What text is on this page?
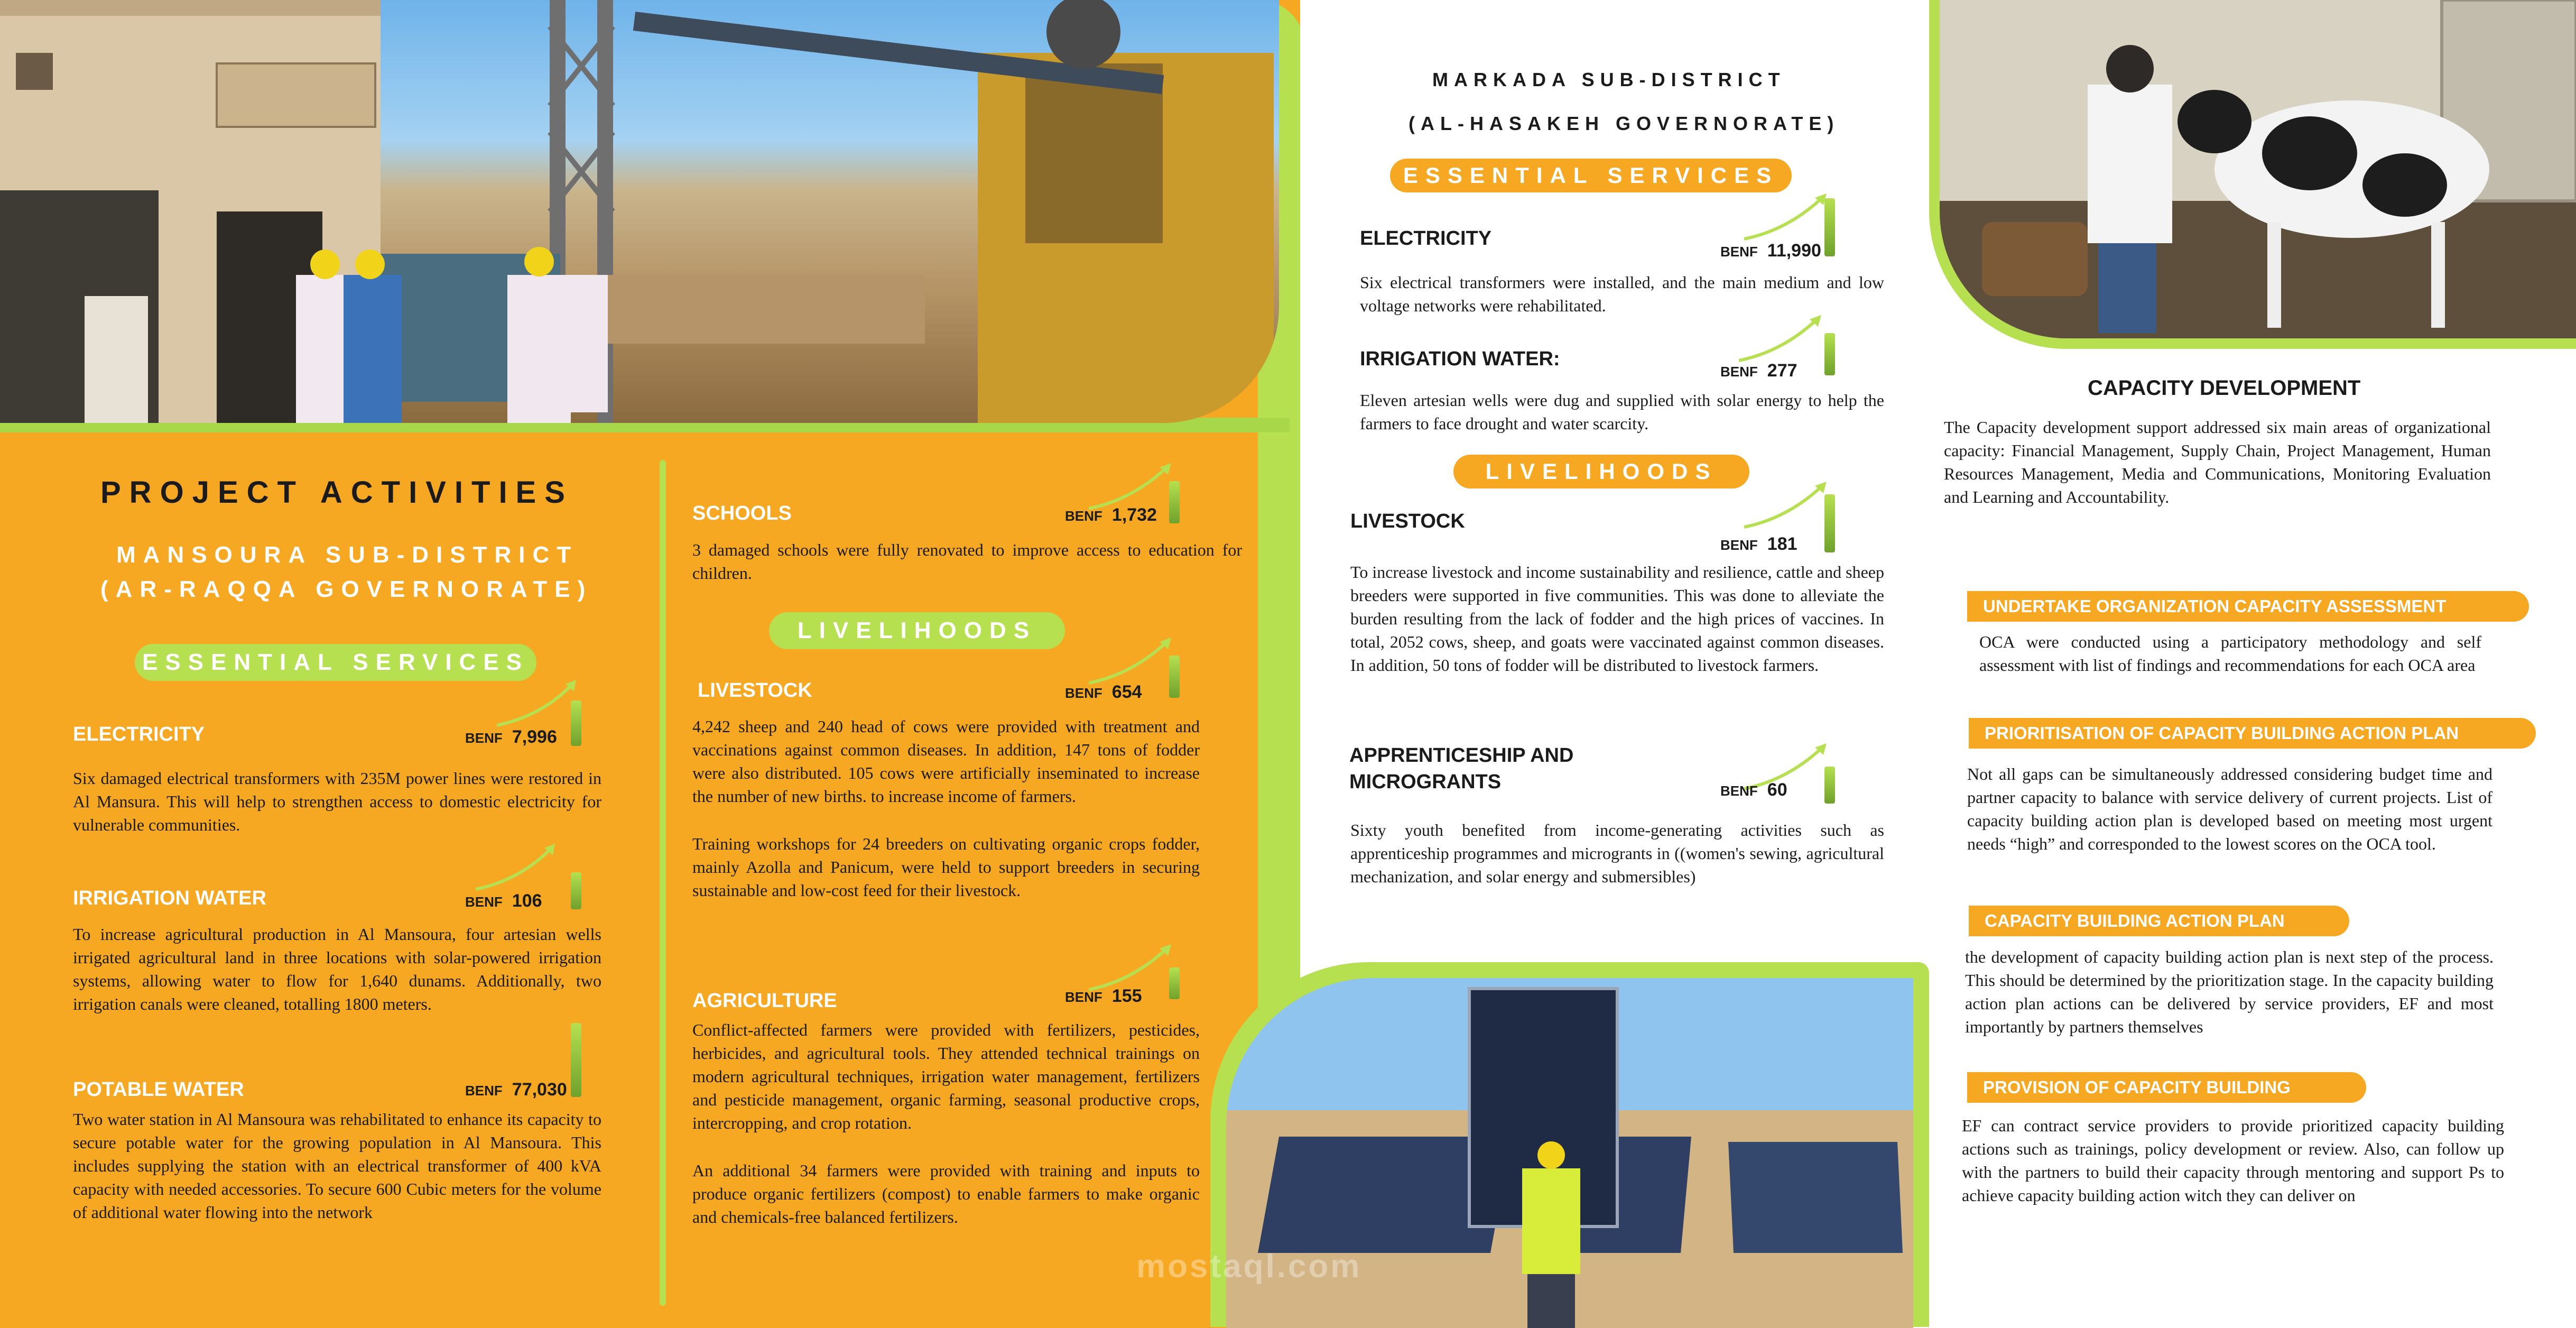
PROJECT ACTIVITIES
MANSOURA SUB-DISTRICT
(AR-RAQQA GOVERNORATE)
ESSENTIAL SERVICES
ELECTRICITY	BENF 7,996
Six damaged electrical transformers with 235M power lines were restored in Al Mansura. This will help to strengthen access to domestic electricity for vulnerable communities.
IRRIGATION WATER	BENF 106
To increase agricultural production in Al Mansoura, four artesian wells irrigated agricultural land in three locations with solar-powered irrigation systems, allowing water to flow for 1,640 dunams. Additionally, two irrigation canals were cleaned, totalling 1800 meters.
POTABLE WATER	BENF 77,030
Two water station in Al Mansoura was rehabilitated to enhance its capacity to secure potable water for the growing population in Al Mansoura. This includes supplying the station with an electrical transformer of 400 kVA capacity with needed accessories. To secure 600 Cubic meters for the volume of additional water flowing into the network
SCHOOLS	BENF 1,732
3 damaged schools were fully renovated to improve access to education for children.
LIVELIHOODS
LIVESTOCK	BENF 654
4,242 sheep and 240 head of cows were provided with treatment and vaccinations against common diseases. In addition, 147 tons of fodder were also distributed. 105 cows were artificially inseminated to increase the number of new births. to increase income of farmers.
Training workshops for 24 breeders on cultivating organic crops fodder, mainly Azolla and Panicum, were held to support breeders in securing sustainable and low-cost feed for their livestock.
AGRICULTURE	BENF 155
Conflict-affected farmers were provided with fertilizers, pesticides, herbicides, and agricultural tools. They attended technical trainings on modern agricultural techniques, irrigation water management, fertilizers and pesticide management, organic farming, seasonal productive crops, intercropping, and crop rotation.
An additional 34 farmers were provided with training and inputs to produce organic fertilizers (compost) to enable farmers to make organic and chemicals-free balanced fertilizers.
MARKADA SUB-DISTRICT
(AL-HASAKEH GOVERNORATE)
ESSENTIAL SERVICES
ELECTRICITY
BENF 11,990
Six electrical transformers were installed, and the main medium and low voltage networks were rehabilitated.
IRRIGATION WATER:
BENF 277
Eleven artesian wells were dug and supplied with solar energy to help the farmers to face drought and water scarcity.
LIVELIHOODS
LIVESTOCK
BENF 181
To increase livestock and income sustainability and resilience, cattle and sheep breeders were supported in five communities. This was done to alleviate the burden resulting from the lack of fodder and the high prices of vaccines. In total, 2052 cows, sheep, and goats were vaccinated against common diseases. In addition, 50 tons of fodder will be distributed to livestock farmers.
APPRENTICESHIP AND
MICROGRANTS	BENF 60
Sixty youth benefited from income-generating activities such as apprenticeship programmes and microgrants in ((women's sewing, agricultural mechanization, and solar energy and submersibles)
mostaql.com
CAPACITY DEVELOPMENT
The Capacity development support addressed six main areas of organizational capacity: Financial Management, Supply Chain, Project Management, Human Resources Management, Media and Communications, Monitoring Evaluation and Learning and Accountability.
UNDERTAKE ORGANIZATION CAPACITY ASSESSMENT
OCA were conducted using a participatory methodology and self assessment with list of findings and recommendations for each OCA area
PRIORITISATION OF CAPACITY BUILDING ACTION PLAN
Not all gaps can be simultaneously addressed considering budget time and partner capacity to balance with service delivery of current projects. List of capacity building action plan is developed based on meeting most urgent needs “high” and corresponded to the lowest scores on the OCA tool.
CAPACITY BUILDING ACTION PLAN
the development of capacity building action plan is next step of the process. This should be determined by the prioritization stage. In the capacity building action plan actions can be delivered by service providers, EF and most importantly by partners themselves
PROVISION OF CAPACITY BUILDING
EF can contract service providers to provide prioritized capacity building actions such as trainings, policy development or review. Also, can follow up with the partners to build their capacity through mentoring and support Ps to achieve capacity building action witch they can deliver on
